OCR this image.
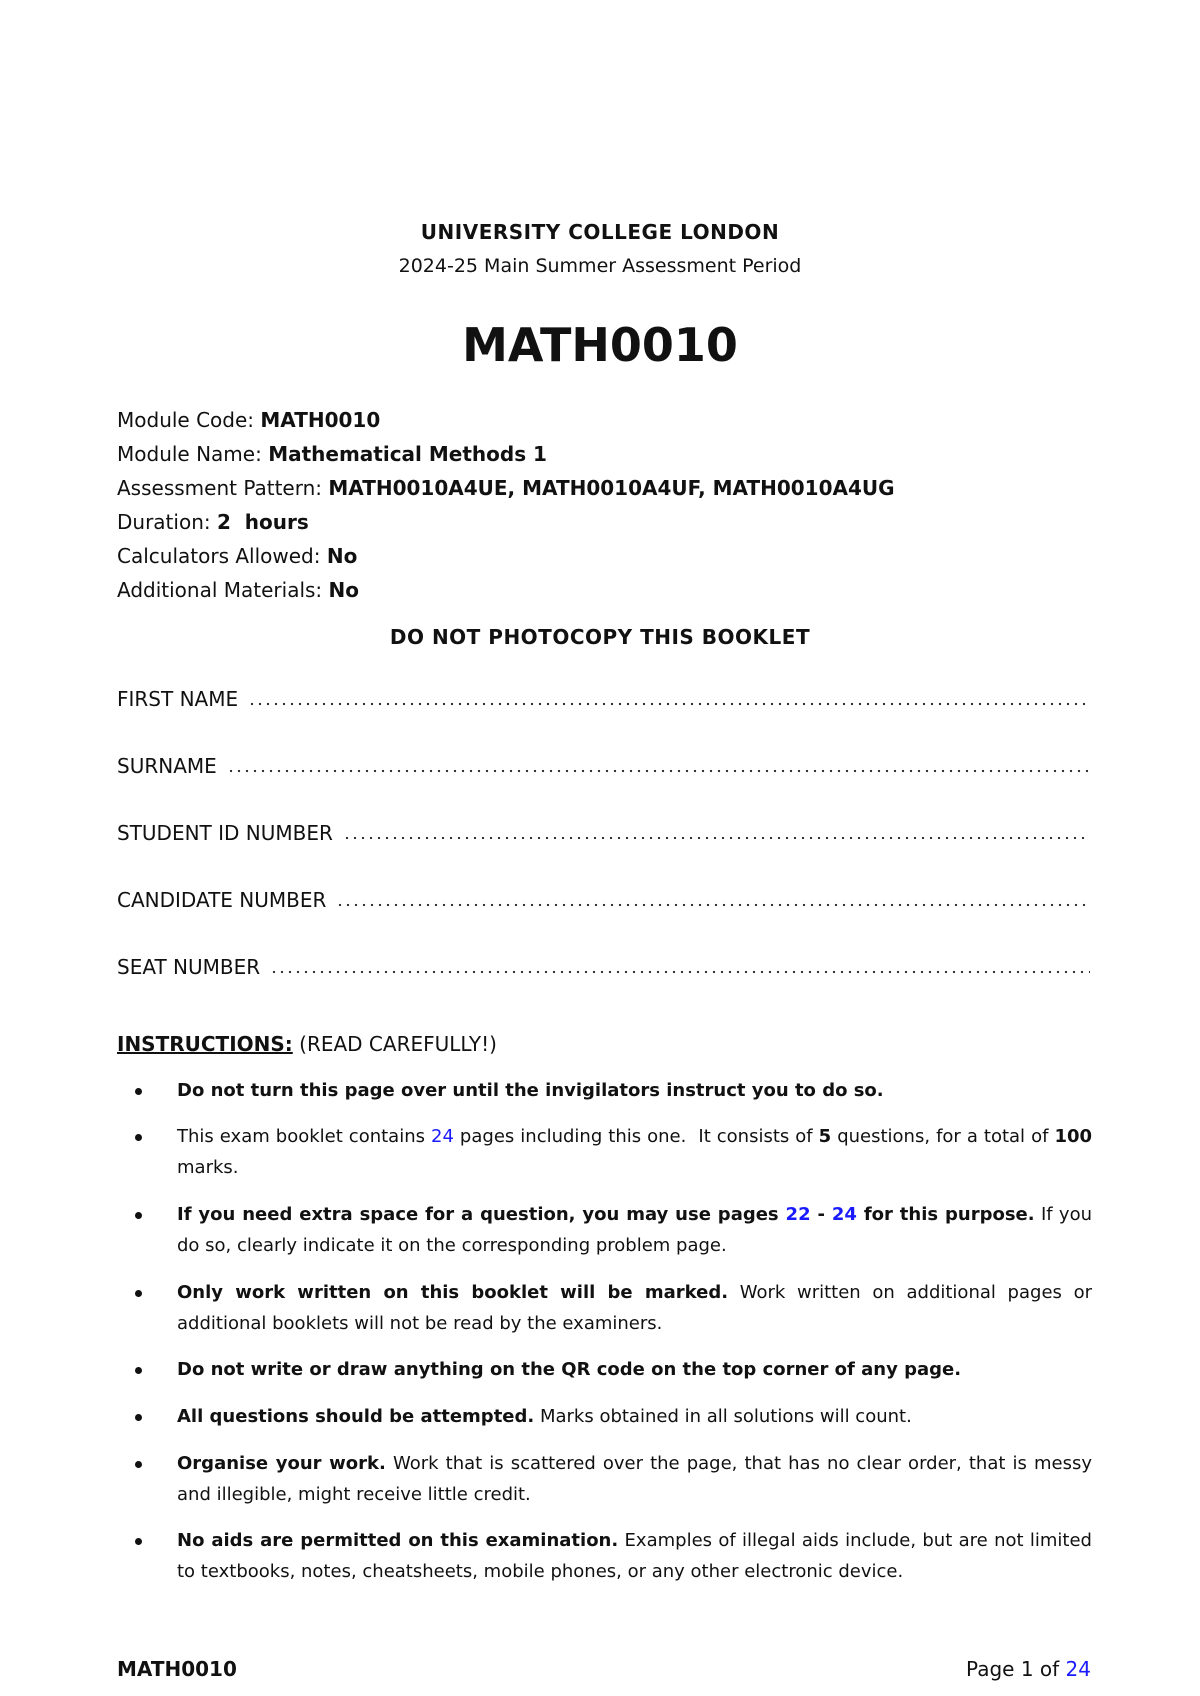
UNIVERSITY COLLEGE LONDON
2024-25 Main Summer Assessment Period
MATH0010
Module Code: MATH0010
Module Name: Mathematical Methods 1
Assessment Pattern: MATH0010A4UE, MATH0010A4UF, MATH0010A4UG
Duration: 2  hours
Calculators Allowed: No
Additional Materials: No
DO NOT PHOTOCOPY THIS BOOKLET
FIRST NAME
SURNAME
STUDENT ID NUMBER
CANDIDATE NUMBER
SEAT NUMBER
INSTRUCTIONS: (READ CAREFULLY!)
Do not turn this page over until the invigilators instruct you to do so.
This exam booklet contains 24 pages including this one.  It consists of 5 questions, for a total of 100 marks.
If you need extra space for a question, you may use pages 22 - 24 for this purpose. If you do so, clearly indicate it on the corresponding problem page.
Only work written on this booklet will be marked. Work written on additional pages or additional booklets will not be read by the examiners.
Do not write or draw anything on the QR code on the top corner of any page.
All questions should be attempted. Marks obtained in all solutions will count.
Organise your work. Work that is scattered over the page, that has no clear order, that is messy and illegible, might receive little credit.
No aids are permitted on this examination. Examples of illegal aids include, but are not limited to textbooks, notes, cheatsheets, mobile phones, or any other electronic device.
MATH0010	Page 1 of 24
